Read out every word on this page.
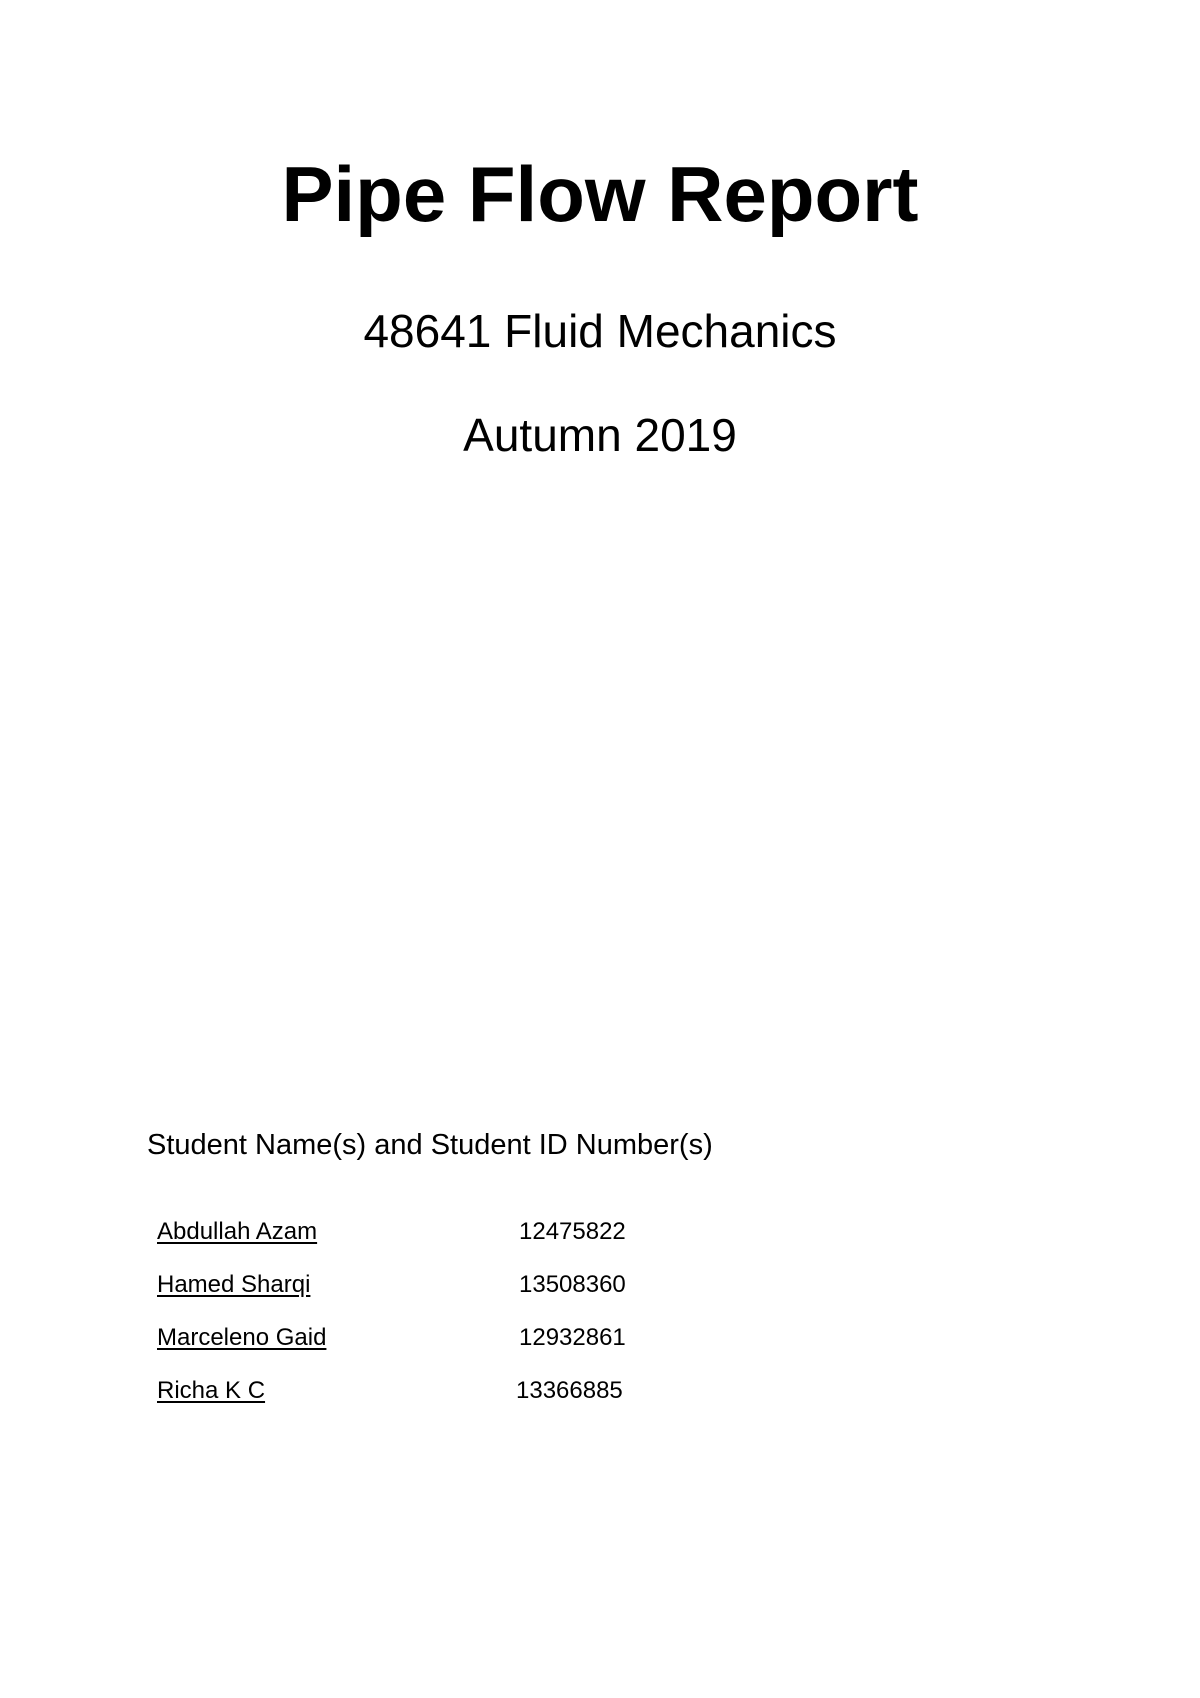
Pipe Flow Report

48641 Fluid Mechanics

Autumn 2019

Student Name(s) and Student ID Number(s)

Abdullah Azam	12475822
Hamed Sharqi	13508360
Marceleno Gaid	12932861
Richa K C	13366885
